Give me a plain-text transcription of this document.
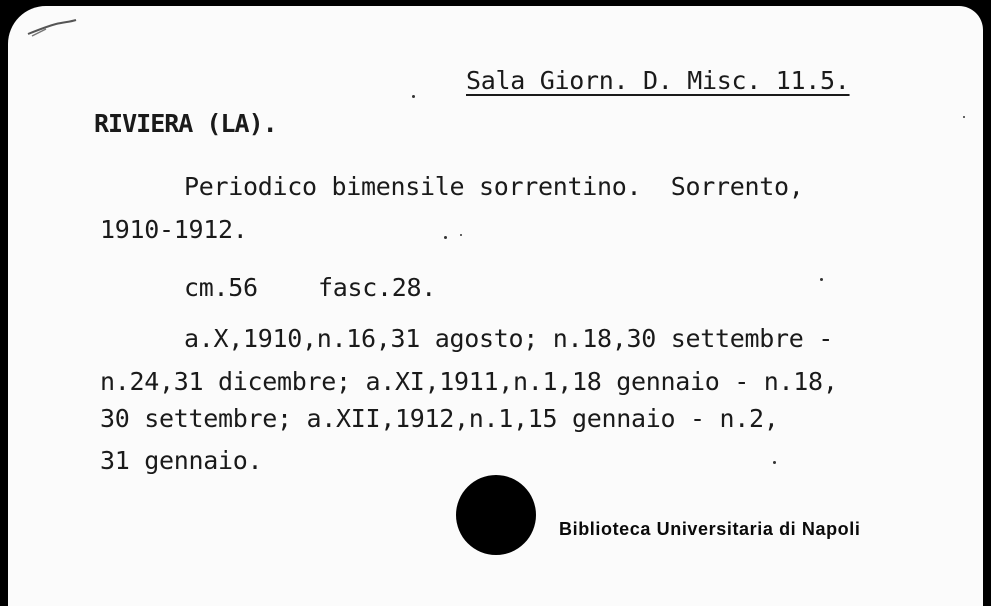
Sala Giorn. D. Misc. 11.5.
RIVIERA (LA).
Periodico bimensile sorrentino.  Sorrento,
1910-1912.
cm.56 fasc.28.
a.X,1910,n.16,31 agosto; n.18,30 settembre -
n.24,31 dicembre; a.XI,1911,n.1,18 gennaio - n.18,
30 settembre; a.XII,1912,n.1,15 gennaio - n.2,
31 gennaio.
Biblioteca Universitaria di Napoli
